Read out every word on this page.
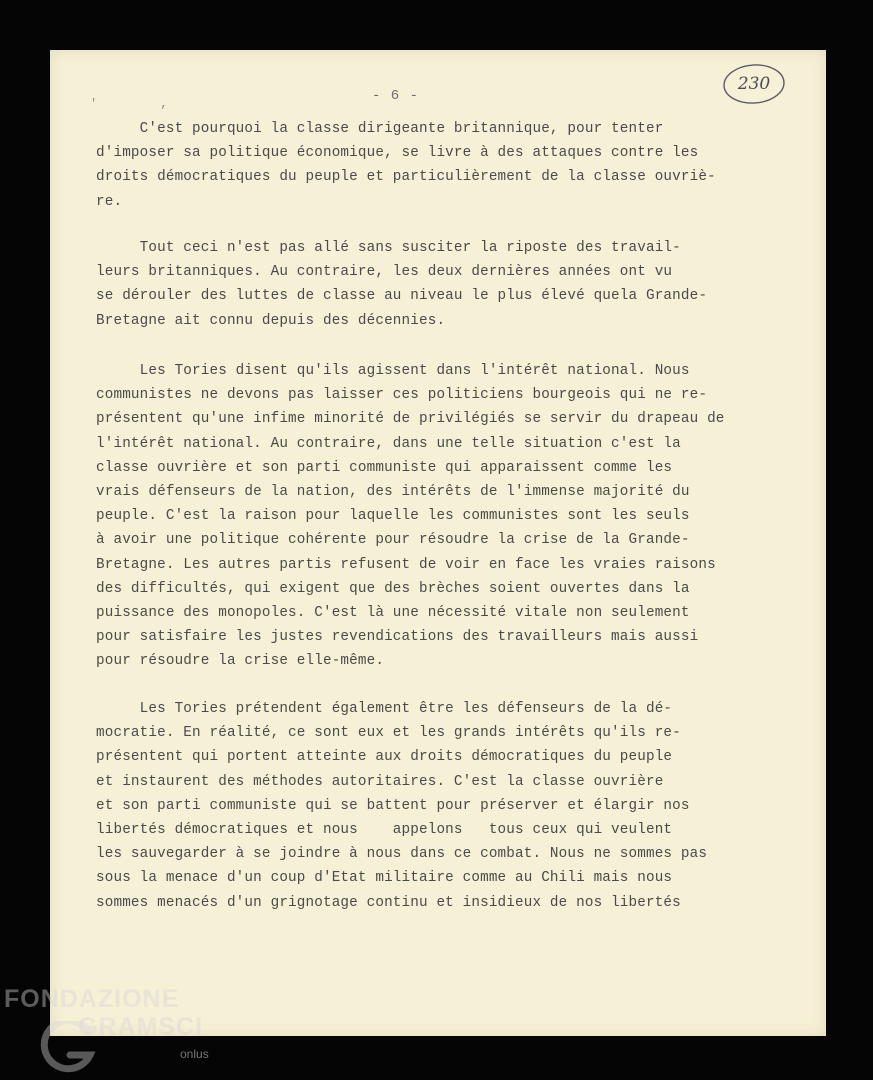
- 6 -
' ,
230
C'est pourquoi la classe dirigeante britannique, pour tenter
d'imposer sa politique économique, se livre à des attaques contre les
droits démocratiques du peuple et particulièrement de la classe ouvriè-
re.
Tout ceci n'est pas allé sans susciter la riposte des travail-
leurs britanniques. Au contraire, les deux dernières années ont vu
se dérouler des luttes de classe au niveau le plus élevé quela Grande-
Bretagne ait connu depuis des décennies.
Les Tories disent qu'ils agissent dans l'intérêt national. Nous
communistes ne devons pas laisser ces politiciens bourgeois qui ne re-
présentent qu'une infime minorité de privilégiés se servir du drapeau de
l'intérêt national. Au contraire, dans une telle situation c'est la
classe ouvrière et son parti communiste qui apparaissent comme les
vrais défenseurs de la nation, des intérêts de l'immense majorité du
peuple. C'est la raison pour laquelle les communistes sont les seuls
à avoir une politique cohérente pour résoudre la crise de la Grande-
Bretagne. Les autres partis refusent de voir en face les vraies raisons
des difficultés, qui exigent que des brèches soient ouvertes dans la
puissance des monopoles. C'est là une nécessité vitale non seulement
pour satisfaire les justes revendications des travailleurs mais aussi
pour résoudre la crise elle-même.
Les Tories prétendent également être les défenseurs de la dé-
mocratie. En réalité, ce sont eux et les grands intérêts qu'ils re-
présentent qui portent atteinte aux droits démocratiques du peuple
et instaurent des méthodes autoritaires. C'est la classe ouvrière
et son parti communiste qui se battent pour préserver et élargir nos
libertés démocratiques et nous    appelons   tous ceux qui veulent
les sauvegarder à se joindre à nous dans ce combat. Nous ne sommes pas
sous la menace d'un coup d'Etat militaire comme au Chili mais nous
sommes menacés d'un grignotage continu et insidieux de nos libertés
FONDAZIONE
GRAMSCI
onlus
